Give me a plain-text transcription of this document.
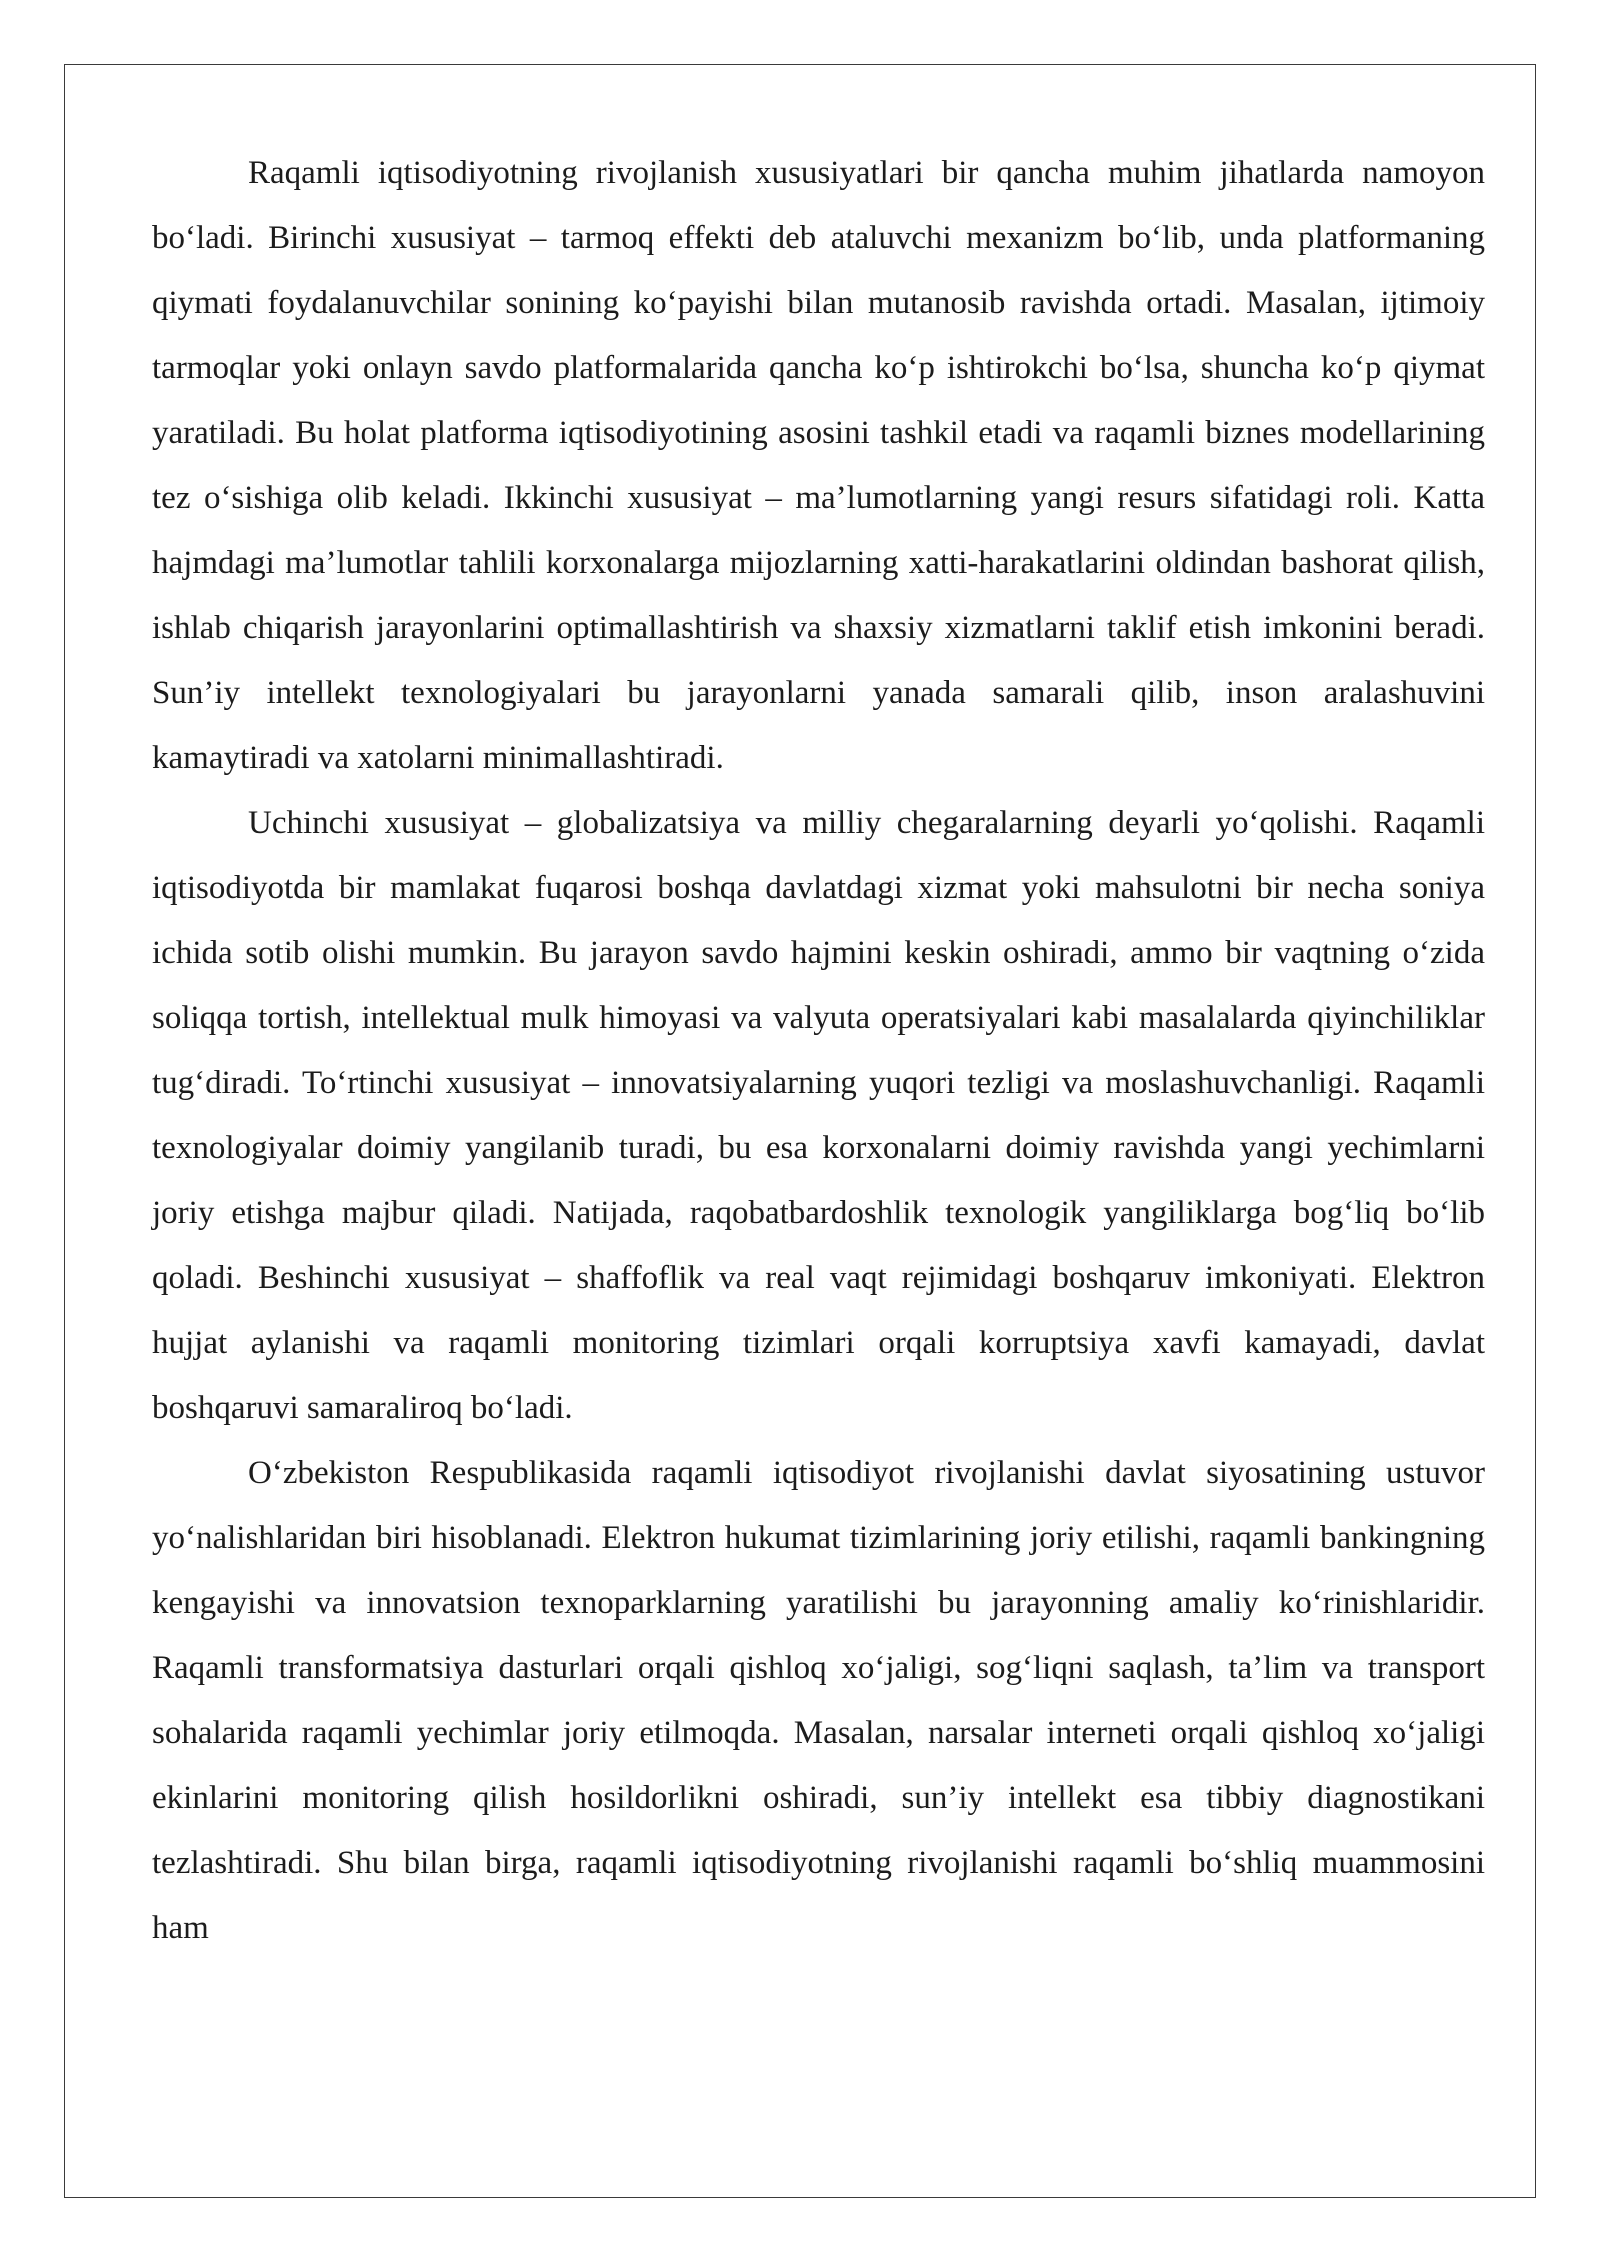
Raqamli iqtisodiyotning rivojlanish xususiyatlari bir qancha muhim jihatlarda namoyon bo‘ladi. Birinchi xususiyat – tarmoq effekti deb ataluvchi mexanizm bo‘lib, unda platformaning qiymati foydalanuvchilar sonining ko‘payishi bilan mutanosib ravishda ortadi. Masalan, ijtimoiy tarmoqlar yoki onlayn savdo platformalarida qancha ko‘p ishtirokchi bo‘lsa, shuncha ko‘p qiymat yaratiladi. Bu holat platforma iqtisodiyotining asosini tashkil etadi va raqamli biznes modellarining tez o‘sishiga olib keladi. Ikkinchi xususiyat – ma’lumotlarning yangi resurs sifatidagi roli. Katta hajmdagi ma’lumotlar tahlili korxonalarga mijozlarning xatti-harakatlarini oldindan bashorat qilish, ishlab chiqarish jarayonlarini optimallashtirish va shaxsiy xizmatlarni taklif etish imkonini beradi. Sun’iy intellekt texnologiyalari bu jarayonlarni yanada samarali qilib, inson aralashuvini kamaytiradi va xatolarni minimallashtiradi.

Uchinchi xususiyat – globalizatsiya va milliy chegaralarning deyarli yo‘qolishi. Raqamli iqtisodiyotda bir mamlakat fuqarosi boshqa davlatdagi xizmat yoki mahsulotni bir necha soniya ichida sotib olishi mumkin. Bu jarayon savdo hajmini keskin oshiradi, ammo bir vaqtning o‘zida soliqqa tortish, intellektual mulk himoyasi va valyuta operatsiyalari kabi masalalarda qiyinchiliklar tug‘diradi. To‘rtinchi xususiyat – innovatsiyalarning yuqori tezligi va moslashuvchanligi. Raqamli texnologiyalar doimiy yangilanib turadi, bu esa korxonalarni doimiy ravishda yangi yechimlarni joriy etishga majbur qiladi. Natijada, raqobatbardoshlik texnologik yangiliklarga bog‘liq bo‘lib qoladi. Beshinchi xususiyat – shaffoflik va real vaqt rejimidagi boshqaruv imkoniyati. Elektron hujjat aylanishi va raqamli monitoring tizimlari orqali korruptsiya xavfi kamayadi, davlat boshqaruvi samaraliroq bo‘ladi.

O‘zbekiston Respublikasida raqamli iqtisodiyot rivojlanishi davlat siyosatining ustuvor yo‘nalishlaridan biri hisoblanadi. Elektron hukumat tizimlarining joriy etilishi, raqamli bankingning kengayishi va innovatsion texnoparklarning yaratilishi bu jarayonning amaliy ko‘rinishlaridir. Raqamli transformatsiya dasturlari orqali qishloq xo‘jaligi, sog‘liqni saqlash, ta’lim va transport sohalarida raqamli yechimlar joriy etilmoqda. Masalan, narsalar interneti orqali qishloq xo‘jaligi ekinlarini monitoring qilish hosildorlikni oshiradi, sun’iy intellekt esa tibbiy diagnostikani tezlashtiradi. Shu bilan birga, raqamli iqtisodiyotning rivojlanishi raqamli bo‘shliq muammosini ham
